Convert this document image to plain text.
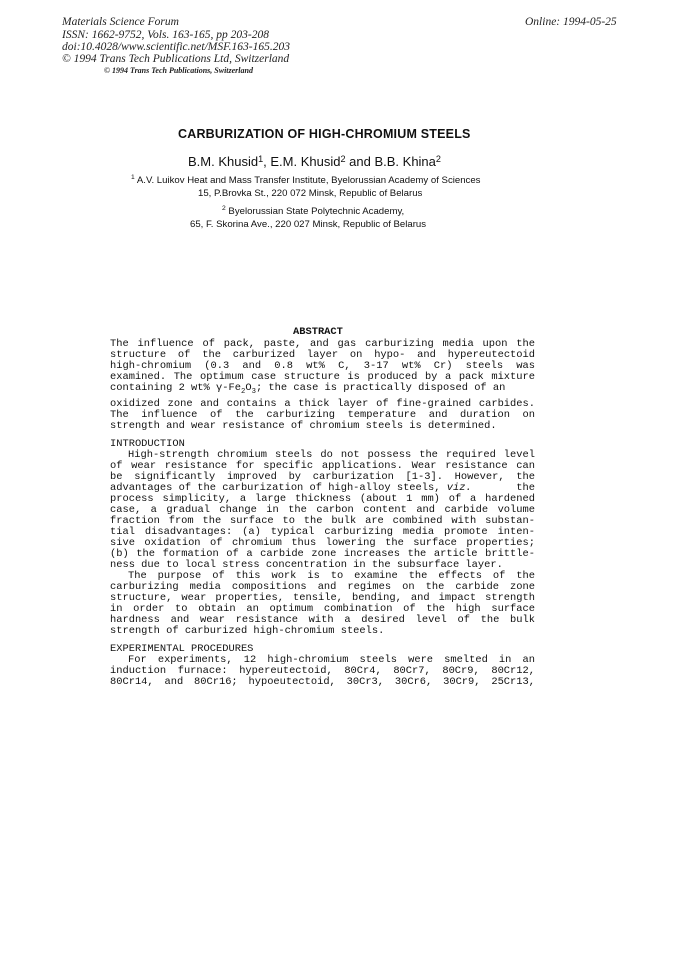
Materials Science Forum
ISSN: 1662-9752, Vols. 163-165, pp 203-208
doi:10.4028/www.scientific.net/MSF.163-165.203
© 1994 Trans Tech Publications Ltd, Switzerland
Online: 1994-05-25
© 1994 Trans Tech Publications, Switzerland
CARBURIZATION OF HIGH-CHROMIUM STEELS
B.M. Khusid$^1$, E.M. Khusid$^2$ and B.B. Khina$^2$
$^1$ A.V. Luikov Heat and Mass Transfer Institute, Byelorussian Academy of Sciences
15, P.Brovka St., 220 072 Minsk, Republic of Belarus
$^2$ Byelorussian State Polytechnic Academy,
65, F. Skorina Ave., 220 027 Minsk, Republic of Belarus
ABSTRACT
The influence of pack, paste, and gas carburizing media upon the
structure of the carburized layer on hypo- and hypereutectoid
high-chromium (0.3 and 0.8 wt% C, 3-17 wt% Cr) steels was
examined. The optimum case structure is produced by a pack mixture
containing 2 wt% $\gamma-Fe_2O_3$; the case is practically disposed of an
oxidized zone and contains a thick layer of fine-grained carbides.
The influence of the carburizing temperature and duration on
strength and wear resistance of chromium steels is determined.
INTRODUCTION
High-strength chromium steels do not possess the required level
of wear resistance for specific applications. Wear resistance can
be significantly improved by carburization [1-3]. However, the
advantages of the carburization of high-alloy steels, viz.	the
process simplicity, a large thickness (about 1 mm) of a hardened
case, a gradual change in the carbon content and carbide volume
fraction from the surface to the bulk are combined with substan-
tial disadvantages: (a) typical carburizing media promote inten-
sive oxidation of chromium thus lowering the surface properties;
(b) the formation of a carbide zone increases the article brittle-
ness due to local stress concentration in the subsurface layer.
The purpose of this work is to examine the effects of the
carburizing media compositions and regimes on the carbide zone
structure, wear properties, tensile, bending, and impact strength
in order to obtain an optimum combination of the high surface
hardness and wear resistance with a desired level of the bulk
strength of carburized high-chromium steels.
EXPERIMENTAL PROCEDURES
For experiments, 12 high-chromium steels were smelted in an
induction furnace: hypereutectoid, 80Cr4, 80Cr7, 80Cr9, 80Cr12,
80Cr14, and 80Cr16; hypoeutectoid, 30Cr3, 30Cr6, 30Cr9, 25Cr13,
